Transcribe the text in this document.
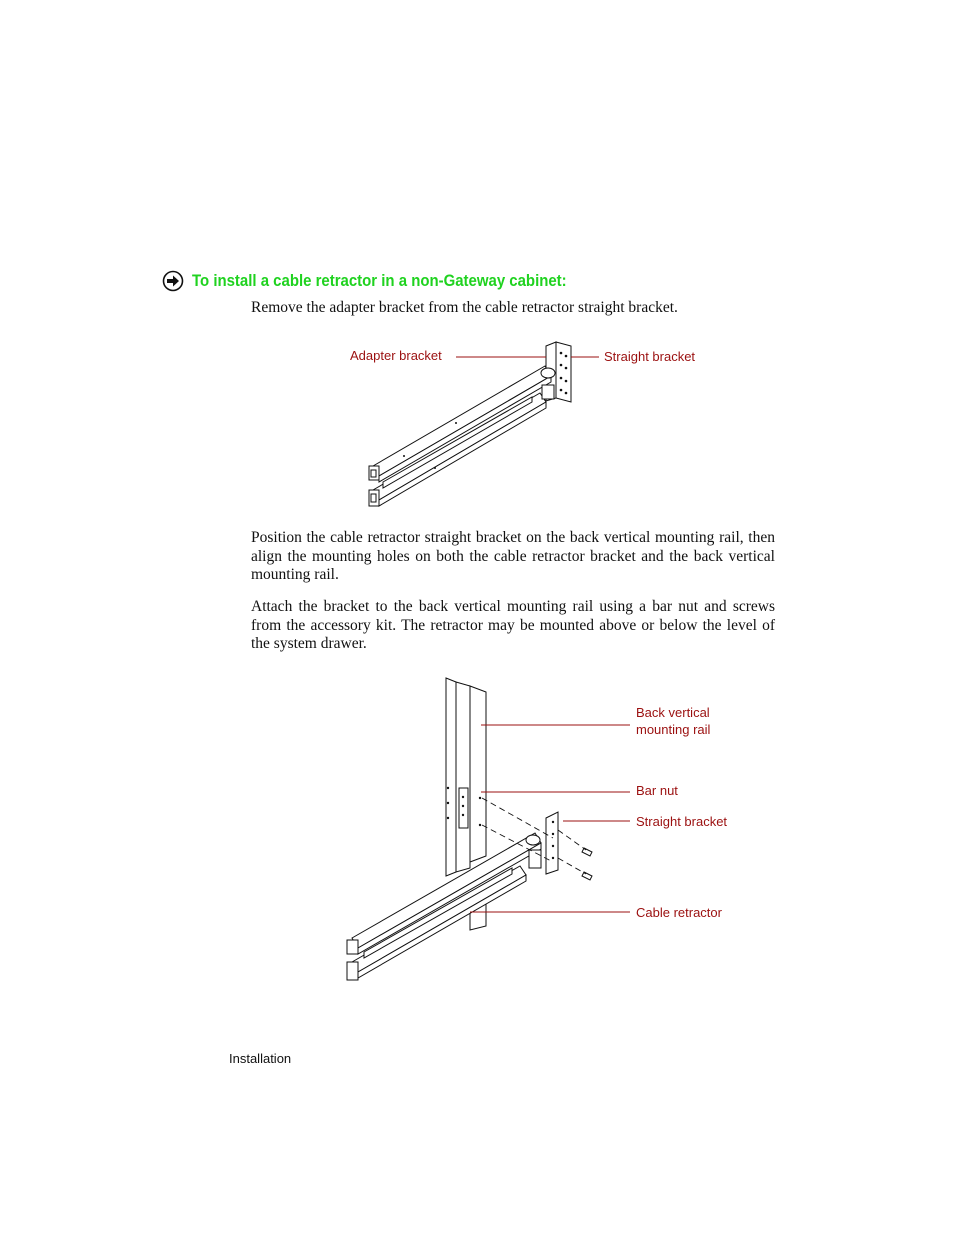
To install a cable retractor in a non-Gateway cabinet:

Remove the adapter bracket from the cable retractor straight bracket.

Adapter bracket	Straight bracket

Position the cable retractor straight bracket on the back vertical mounting rail, then align the mounting holes on both the cable retractor bracket and the back vertical mounting rail.

Attach the bracket to the back vertical mounting rail using a bar nut and screws from the accessory kit. The retractor may be mounted above or below the level of the system drawer.

Back vertical
mounting rail
Bar nut
Straight bracket
Cable retractor
Installation
